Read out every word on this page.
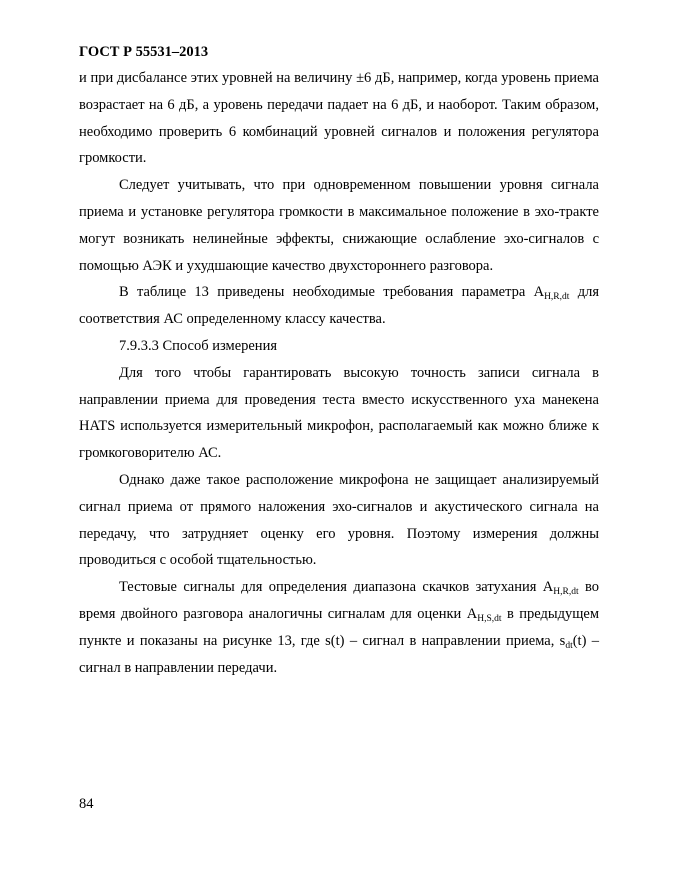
ГОСТ Р 55531–2013

и при дисбалансе этих уровней на величину ±6 дБ, например, когда уровень приема возрастает на 6 дБ, а уровень передачи падает на 6 дБ, и наоборот. Таким образом, необходимо проверить 6 комбинаций уровней сигналов и положения регулятора громкости.

Следует учитывать, что при одновременном повышении уровня сигнала приема и установке регулятора громкости в максимальное положение в эхо-тракте могут возникать нелинейные эффекты, снижающие ослабление эхо-сигналов с помощью АЭК и ухудшающие качество двухстороннего разговора.

В таблице 13 приведены необходимые требования параметра $A_{H,R,dt}$ для соответствия АС определенному классу качества.

7.9.3.3 Способ измерения

Для того чтобы гарантировать высокую точность записи сигнала в направлении приема для проведения теста вместо искусственного уха манекена HATS используется измерительный микрофон, располагаемый как можно ближе к громкоговорителю АС.

Однако даже такое расположение микрофона не защищает анализируемый сигнал приема от прямого наложения эхо-сигналов и акустического сигнала на передачу, что затрудняет оценку его уровня. Поэтому измерения должны проводиться с особой тщательностью.

Тестовые сигналы для определения диапазона скачков затухания $A_{H,R,dt}$ во время двойного разговора аналогичны сигналам для оценки $A_{H,S,dt}$ в предыдущем пункте и показаны на рисунке 13, где s(t) – сигнал в направлении приема, $s_{dt}(t)$ – сигнал в направлении передачи.

84
